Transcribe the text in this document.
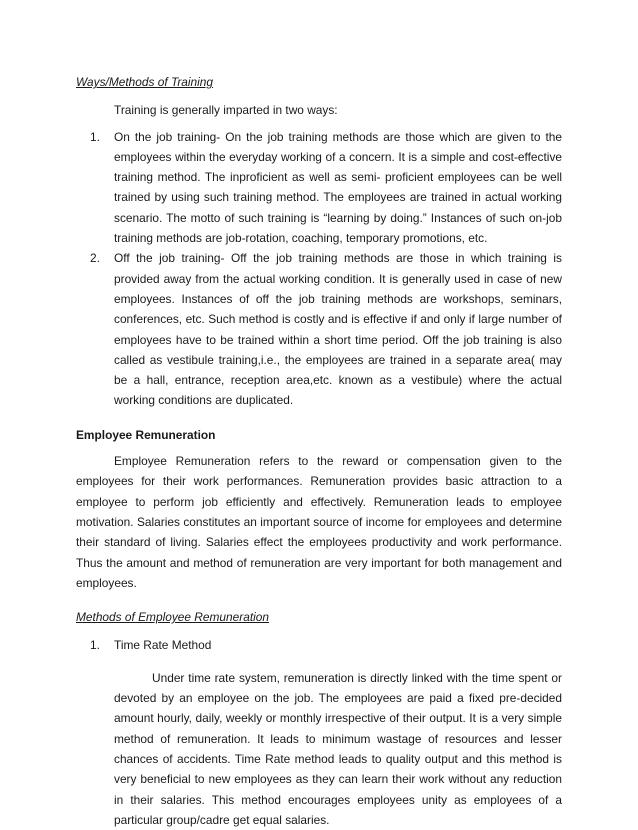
Ways/Methods of Training

Training is generally imparted in two ways:

1. On the job training- On the job training methods are those which are given to the employees within the everyday working of a concern. It is a simple and cost-effective training method. The inproficient as well as semi- proficient employees can be well trained by using such training method. The employees are trained in actual working scenario. The motto of such training is “learning by doing.” Instances of such on-job training methods are job-rotation, coaching, temporary promotions, etc.
2. Off the job training- Off the job training methods are those in which training is provided away from the actual working condition. It is generally used in case of new employees. Instances of off the job training methods are workshops, seminars, conferences, etc. Such method is costly and is effective if and only if large number of employees have to be trained within a short time period. Off the job training is also called as vestibule training,i.e., the employees are trained in a separate area( may be a hall, entrance, reception area,etc. known as a vestibule) where the actual working conditions are duplicated.
Employee Remuneration

Employee Remuneration refers to the reward or compensation given to the employees for their work performances. Remuneration provides basic attraction to a employee to perform job efficiently and effectively. Remuneration leads to employee motivation. Salaries constitutes an important source of income for employees and determine their standard of living. Salaries effect the employees productivity and work performance. Thus the amount and method of remuneration are very important for both management and employees.

Methods of Employee Remuneration
1. Time Rate Method

Under time rate system, remuneration is directly linked with the time spent or devoted by an employee on the job. The employees are paid a fixed pre-decided amount hourly, daily, weekly or monthly irrespective of their output. It is a very simple method of remuneration. It leads to minimum wastage of resources and lesser chances of accidents. Time Rate method leads to quality output and this method is very beneficial to new employees as they can learn their work without any reduction in their salaries. This method encourages employees unity as employees of a particular group/cadre get equal salaries.
